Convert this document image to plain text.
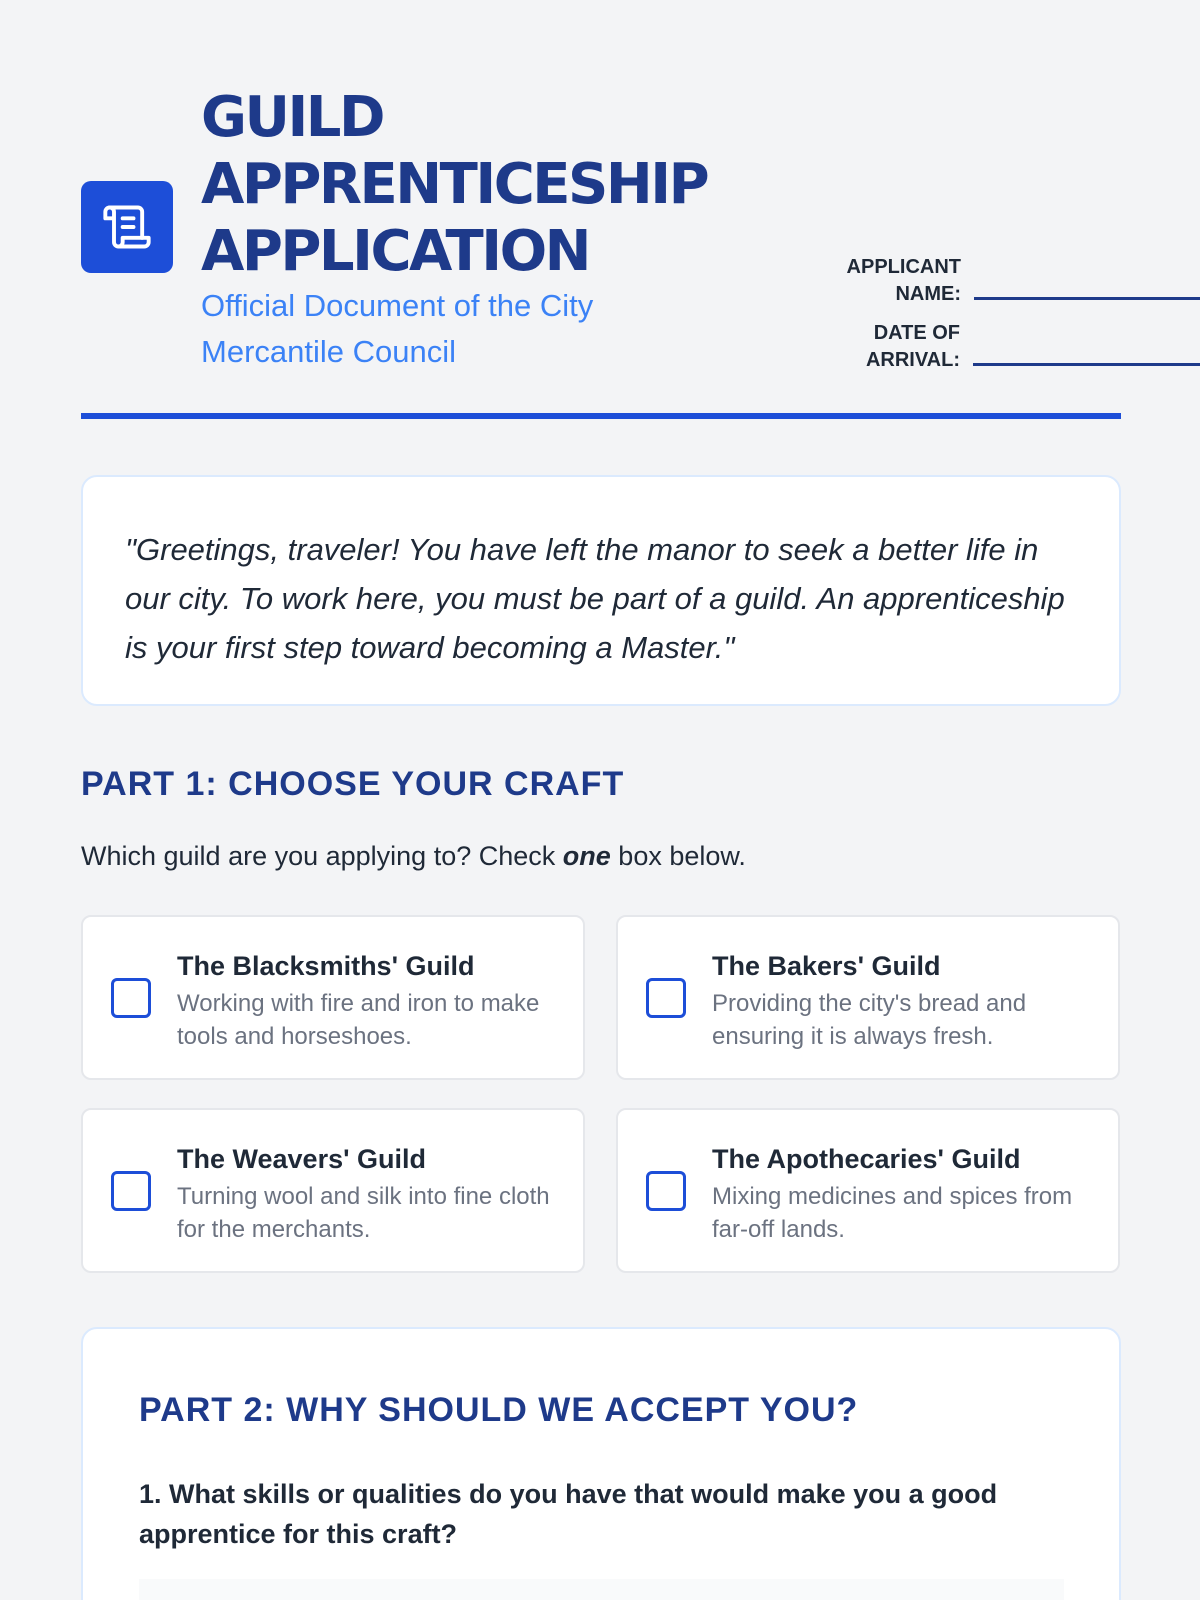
GUILD
APPRENTICESHIP
APPLICATION
Official Document of the City Mercantile Council
APPLICANT
NAME:
DATE OF
ARRIVAL:
"Greetings, traveler! You have left the manor to seek a better life in our city. To work here, you must be part of a guild. An apprenticeship is your first step toward becoming a Master."
PART 1: CHOOSE YOUR CRAFT

Which guild are you applying to? Check one box below.

The Blacksmiths' Guild
Working with fire and iron to make tools and horseshoes.
The Bakers' Guild
Providing the city's bread and ensuring it is always fresh.
The Weavers' Guild
Turning wool and silk into fine cloth for the merchants.
The Apothecaries' Guild
Mixing medicines and spices from far-off lands.
PART 2: WHY SHOULD WE ACCEPT YOU?
1. What skills or qualities do you have that would make you a good apprentice for this craft?
